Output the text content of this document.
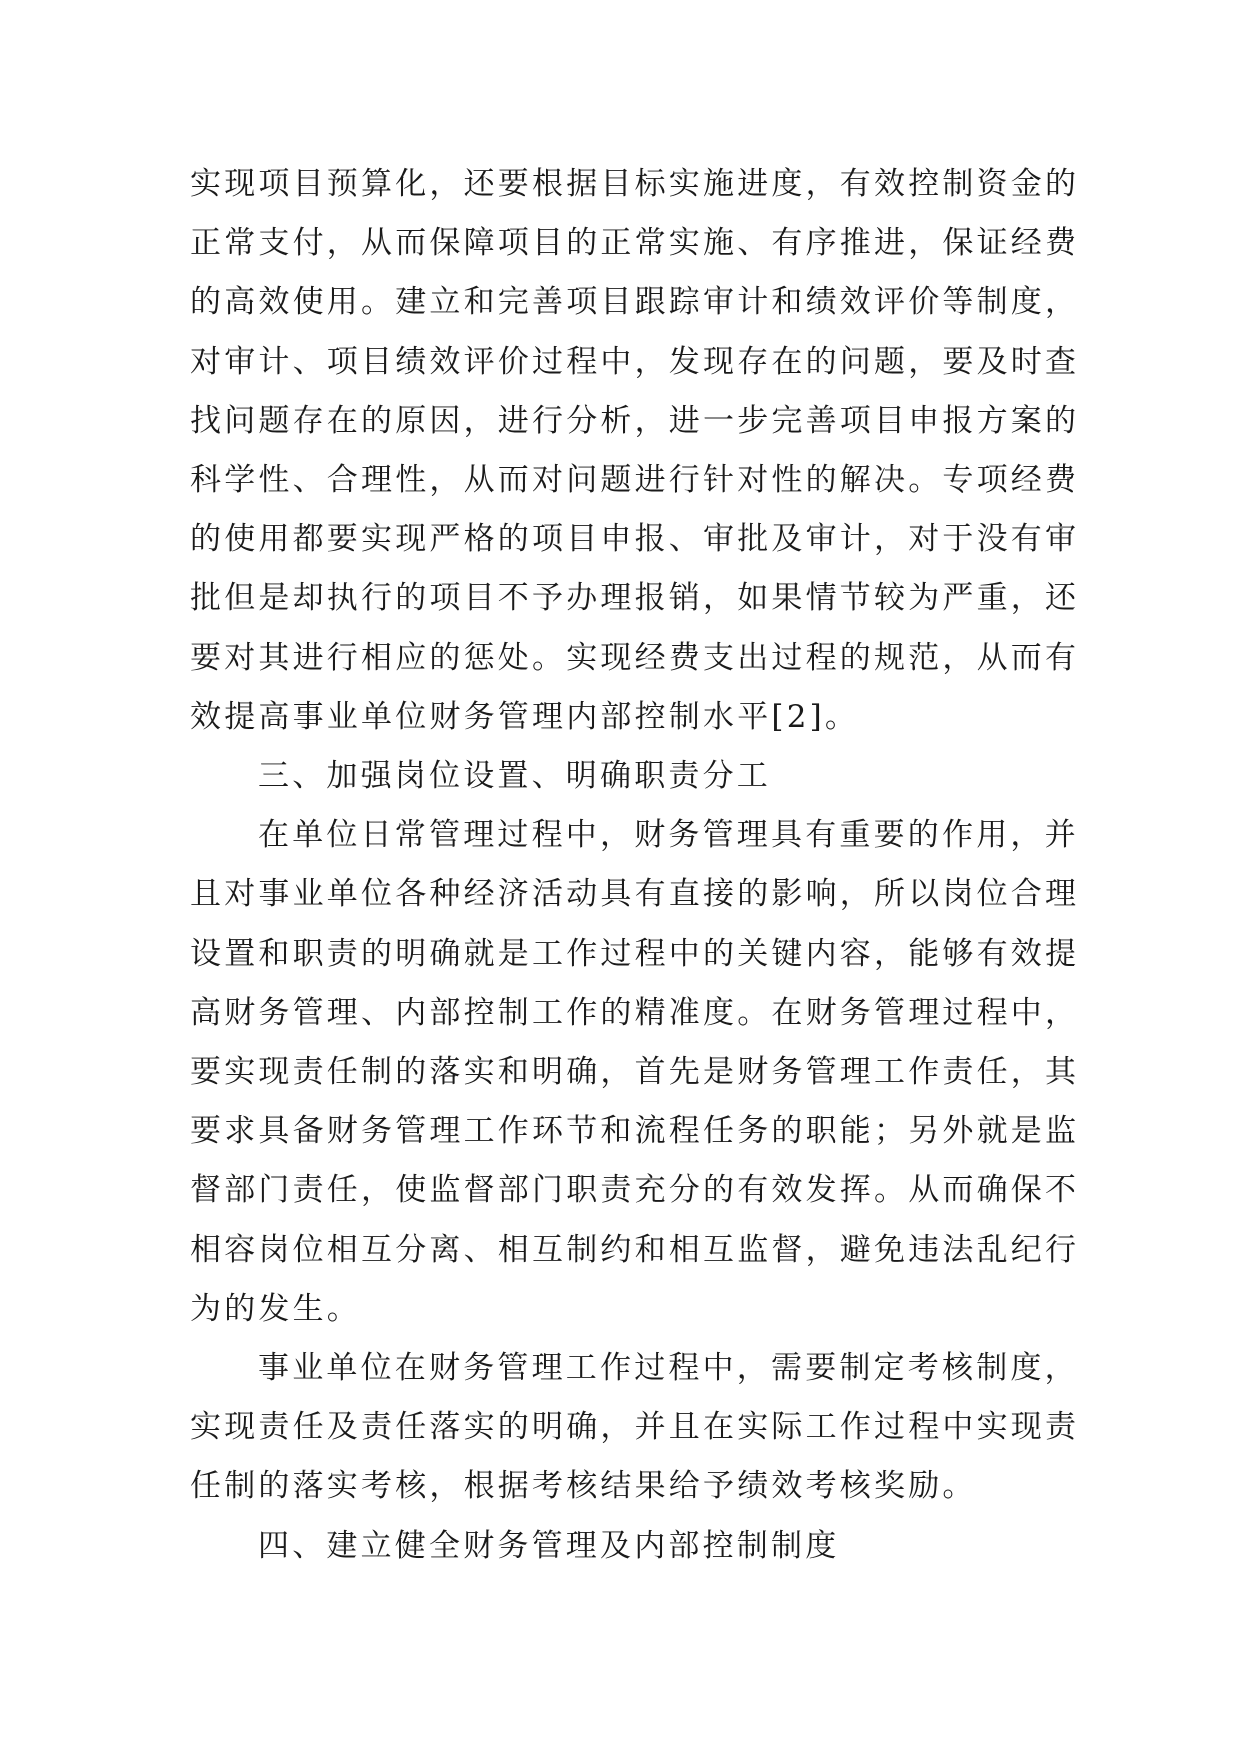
实现项目预算化，还要根据目标实施进度，有效控制资金的
正常支付，从而保障项目的正常实施、有序推进，保证经费
的高效使用。建立和完善项目跟踪审计和绩效评价等制度，
对审计、项目绩效评价过程中，发现存在的问题，要及时查
找问题存在的原因，进行分析，进一步完善项目申报方案的
科学性、合理性，从而对问题进行针对性的解决。专项经费
的使用都要实现严格的项目申报、审批及审计，对于没有审
批但是却执行的项目不予办理报销，如果情节较为严重，还
要对其进行相应的惩处。实现经费支出过程的规范，从而有
效提高事业单位财务管理内部控制水平[2]。
三、加强岗位设置、明确职责分工
在单位日常管理过程中，财务管理具有重要的作用，并
且对事业单位各种经济活动具有直接的影响，所以岗位合理
设置和职责的明确就是工作过程中的关键内容，能够有效提
高财务管理、内部控制工作的精准度。在财务管理过程中，
要实现责任制的落实和明确，首先是财务管理工作责任，其
要求具备财务管理工作环节和流程任务的职能；另外就是监
督部门责任，使监督部门职责充分的有效发挥。从而确保不
相容岗位相互分离、相互制约和相互监督，避免违法乱纪行
为的发生。
事业单位在财务管理工作过程中，需要制定考核制度，
实现责任及责任落实的明确，并且在实际工作过程中实现责
任制的落实考核，根据考核结果给予绩效考核奖励。
四、建立健全财务管理及内部控制制度
